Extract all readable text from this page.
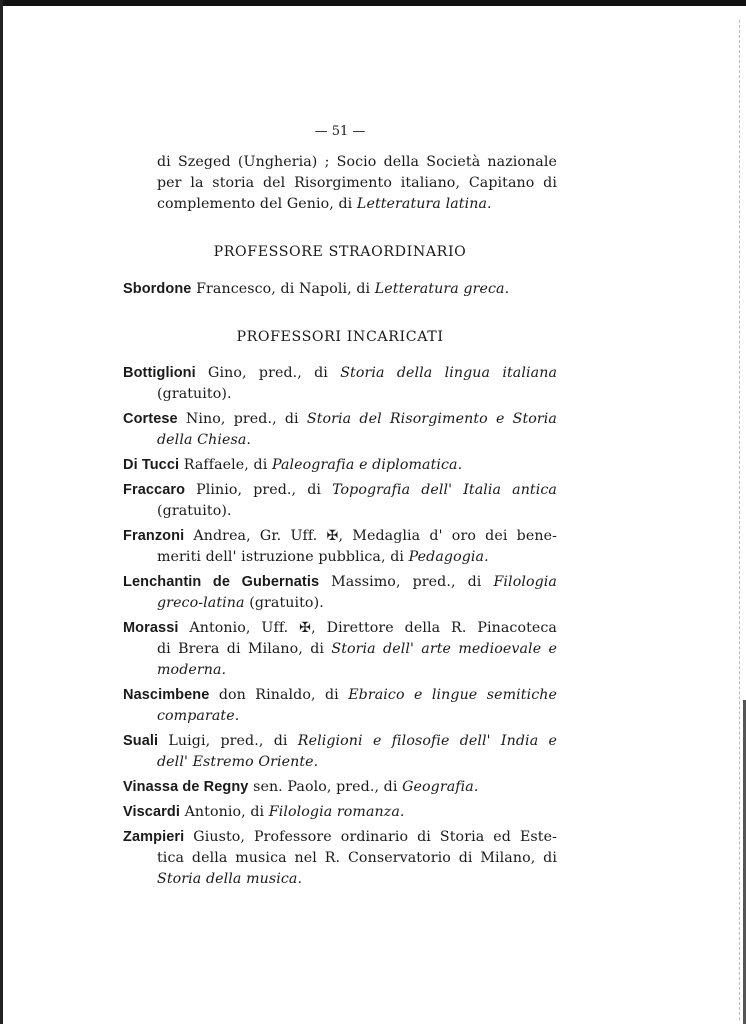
— 51 —
di Szeged (Ungheria) ; Socio della Società nazionale
per la storia del Risorgimento italiano, Capitano di
complemento del Genio, di Letteratura latina.
PROFESSORE STRAORDINARIO
Sbordone Francesco, di Napoli, di Letteratura greca.
PROFESSORI INCARICATI
Bottiglioni Gino, pred., di Storia della lingua italiana
(gratuito).
Cortese Nino, pred., di Storia del Risorgimento e Storia
della Chiesa.
Di Tucci Raffaele, di Paleografia e diplomatica.
Fraccaro Plinio, pred., di Topografia dell' Italia antica
(gratuito).
Franzoni Andrea, Gr. Uff. ✠, Medaglia d' oro dei bene-
meriti dell' istruzione pubblica, di Pedagogia.
Lenchantin de Gubernatis Massimo, pred., di Filologia
greco-latina (gratuito).
Morassi Antonio, Uff. ✠, Direttore della R. Pinacoteca
di Brera di Milano, di Storia dell' arte medioevale e
moderna.
Nascimbene don Rinaldo, di Ebraico e lingue semitiche
comparate.
Suali Luigi, pred., di Religioni e filosofie dell' India e
dell' Estremo Oriente.
Vinassa de Regny sen. Paolo, pred., di Geografia.
Viscardi Antonio, di Filologia romanza.
Zampieri Giusto, Professore ordinario di Storia ed Este-
tica della musica nel R. Conservatorio di Milano, di
Storia della musica.
